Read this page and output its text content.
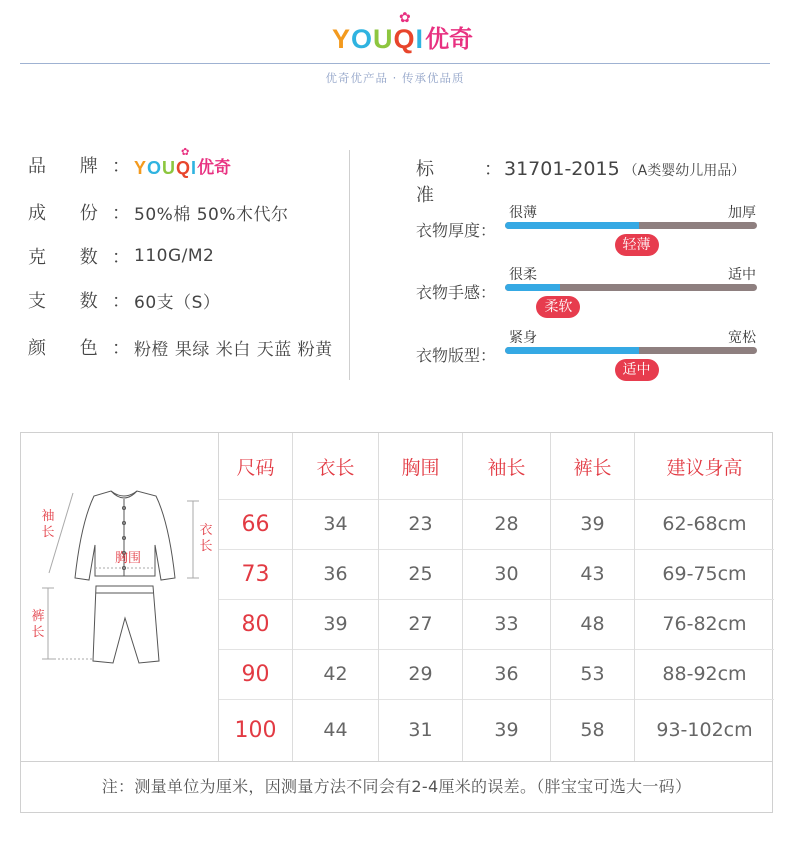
✿
YOUQI 优奇
优奇优产品 · 传承优品质
品 牌 ：
✿
YOUQI 优奇
成 份 ： 50%棉 50%木代尔
克 数 ： 110G/M2
支 数 ： 60支（S）
颜 色 ： 粉橙 果绿 米白 天蓝 粉黄
标 准
： 31701-2015 （A类婴幼儿用品）
衣物厚度：
很薄	加厚
轻薄
衣物手感：
很柔	适中
柔软
衣物版型：
紧身	宽松
适中
袖长	衣长
胸围
裤长
尺码	衣长	胸围	袖长	裤长	建议身高
66	34	23	28	39	62-68cm
73	36	25	30	43	69-75cm
80	39	27	33	48	76-82cm
90	42	29	36	53	88-92cm
100	44	31	39	58	93-102cm
注：测量单位为厘米，因测量方法不同会有2-4厘米的误差。（胖宝宝可选大一码）
